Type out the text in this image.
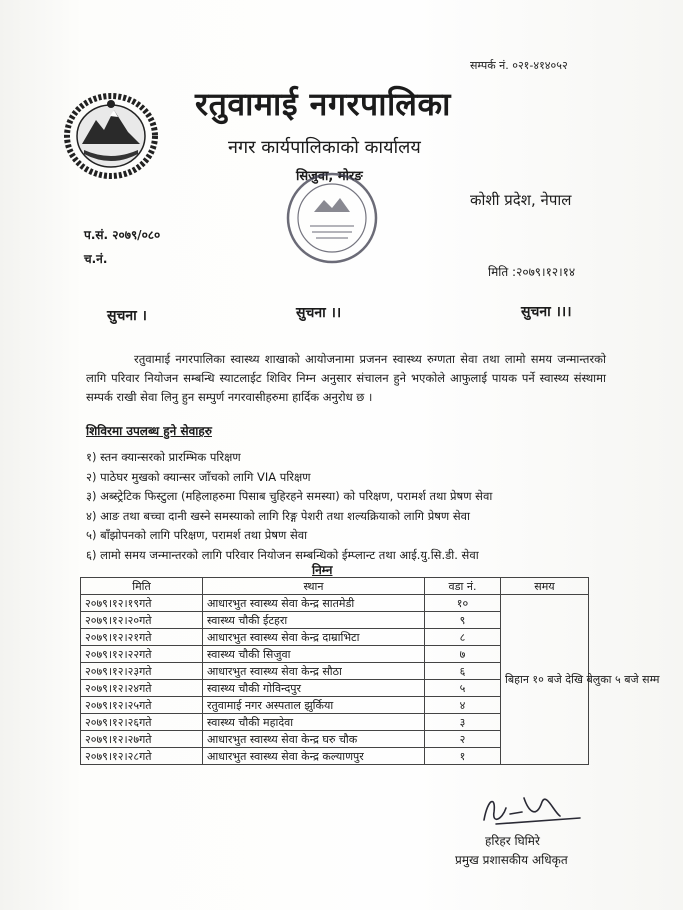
सम्पर्क नं. ०२१-४१४०५२
रतुवामाई नगरपालिका
नगर कार्यपालिकाको कार्यालय
सिजुवा, मोरङ
कोशी प्रदेश, नेपाल
प.सं. २०७९/०८०
च.नं.
मिति :२०७९।१२।१४
सुचना ।	सुचना ।।	सुचना ।।।

रतुवामाई नगरपालिका स्वास्थ्य शाखाको आयोजनामा प्रजनन स्वास्थ्य रुग्णता सेवा तथा लामो समय जन्मान्तरको लागि परिवार नियोजन सम्बन्धि स्याटलाईट शिविर निम्न अनुसार संचालन हुने भएकोले आफुलाई पायक पर्ने स्वास्थ्य संस्थामा सम्पर्क राखी सेवा लिनु हुन सम्पुर्ण नगरवासीहरुमा हार्दिक अनुरोध छ ।

शिविरमा उपलब्ध हुने सेवाहरु
१) स्तन क्यान्सरको प्रारम्भिक परिक्षण
२) पाठेघर मुखको क्यान्सर जाँचको लागि VIA परिक्षण
३) अब्स्ट्रेटिक फिस्टुला (महिलाहरुमा पिसाब चुहिरहने समस्या) को परिक्षण, परामर्श तथा प्रेषण सेवा
४) आङ तथा बच्चा दानी खस्ने समस्याको लागि रिङ्ग पेशरी तथा शल्यक्रियाको लागि प्रेषण सेवा
५) बाँझोपनको लागि परिक्षण, परामर्श तथा प्रेषण सेवा
६) लामो समय जन्मान्तरको लागि परिवार नियोजन सम्बन्धिको ईम्प्लान्ट तथा आई.यु.सि.डी. सेवा
निम्न
मिति	स्थान	वडा नं.	समय
२०७९।१२।१९गते	आधारभुत स्वास्थ्य सेवा केन्द्र सातमेडी	१०	बिहान १० बजे देखि बेलुका ५ बजे सम्म
२०७९।१२।२०गते	स्वास्थ्य चौकी ईटहरा	९	
२०७९।१२।२१गते	आधारभुत स्वास्थ्य सेवा केन्द्र दाम्राभिटा	८	
२०७९।१२।२२गते	स्वास्थ्य चौकी सिजुवा	७	
२०७९।१२।२३गते	आधारभुत स्वास्थ्य सेवा केन्द्र सौठा	६	
२०७९।१२।२४गते	स्वास्थ्य चौकी गोविन्दपुर	५	
२०७९।१२।२५गते	रतुवामाई नगर अस्पताल झुर्किया	४	
२०७९।१२।२६गते	स्वास्थ्य चौकी महादेवा	३	
२०७९।१२।२७गते	आधारभुत स्वास्थ्य सेवा केन्द्र घरु चौक	२	
२०७९।१२।२८गते	आधारभुत स्वास्थ्य सेवा केन्द्र कल्याणपुर	१	
हरिहर घिमिरे
प्रमुख प्रशासकीय अधिकृत
